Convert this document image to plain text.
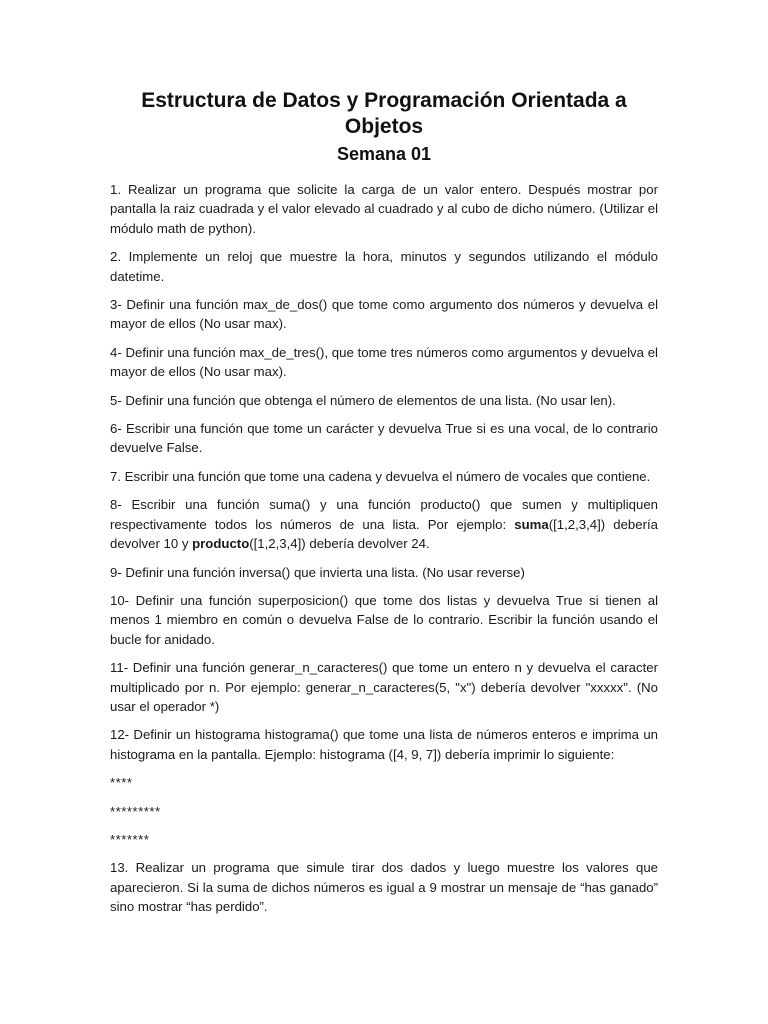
Estructura de Datos y Programación Orientada a Objetos
Semana 01

1. Realizar un programa que solicite la carga de un valor entero. Después mostrar por pantalla la raiz cuadrada y el valor elevado al cuadrado y al cubo de dicho número. (Utilizar el módulo math de python).

2. Implemente un reloj que muestre la hora, minutos y segundos utilizando el módulo datetime.

3- Definir una función max_de_dos() que tome como argumento dos números y devuelva el mayor de ellos (No usar max).

4- Definir una función max_de_tres(), que tome tres números como argumentos y devuelva el mayor de ellos (No usar max).

5- Definir una función que obtenga el número de elementos de una lista. (No usar len).

6- Escribir una función que tome un carácter y devuelva True si es una vocal, de lo contrario devuelve False.

7. Escribir una función que tome una cadena y devuelva el número de vocales que contiene.

8- Escribir una función suma() y una función producto() que sumen y multipliquen respectivamente todos los números de una lista. Por ejemplo: suma([1,2,3,4]) debería devolver 10 y producto([1,2,3,4]) debería devolver 24.

9- Definir una función inversa() que invierta una lista. (No usar reverse)

10- Definir una función superposicion() que tome dos listas y devuelva True si tienen al menos 1 miembro en común o devuelva False de lo contrario. Escribir la función usando el bucle for anidado.

11- Definir una función generar_n_caracteres() que tome un entero n y devuelva el caracter multiplicado por n. Por ejemplo: generar_n_caracteres(5, "x") debería devolver "xxxxx". (No usar el operador *)

12- Definir un histograma histograma() que tome una lista de números enteros e imprima un histograma en la pantalla. Ejemplo: histograma ([4, 9, 7]) debería imprimir lo siguiente:

****

*********

*******

13. Realizar un programa que simule tirar dos dados y luego muestre los valores que aparecieron. Si la suma de dichos números es igual a 9 mostrar un mensaje de “has ganado” sino mostrar “has perdido”.
